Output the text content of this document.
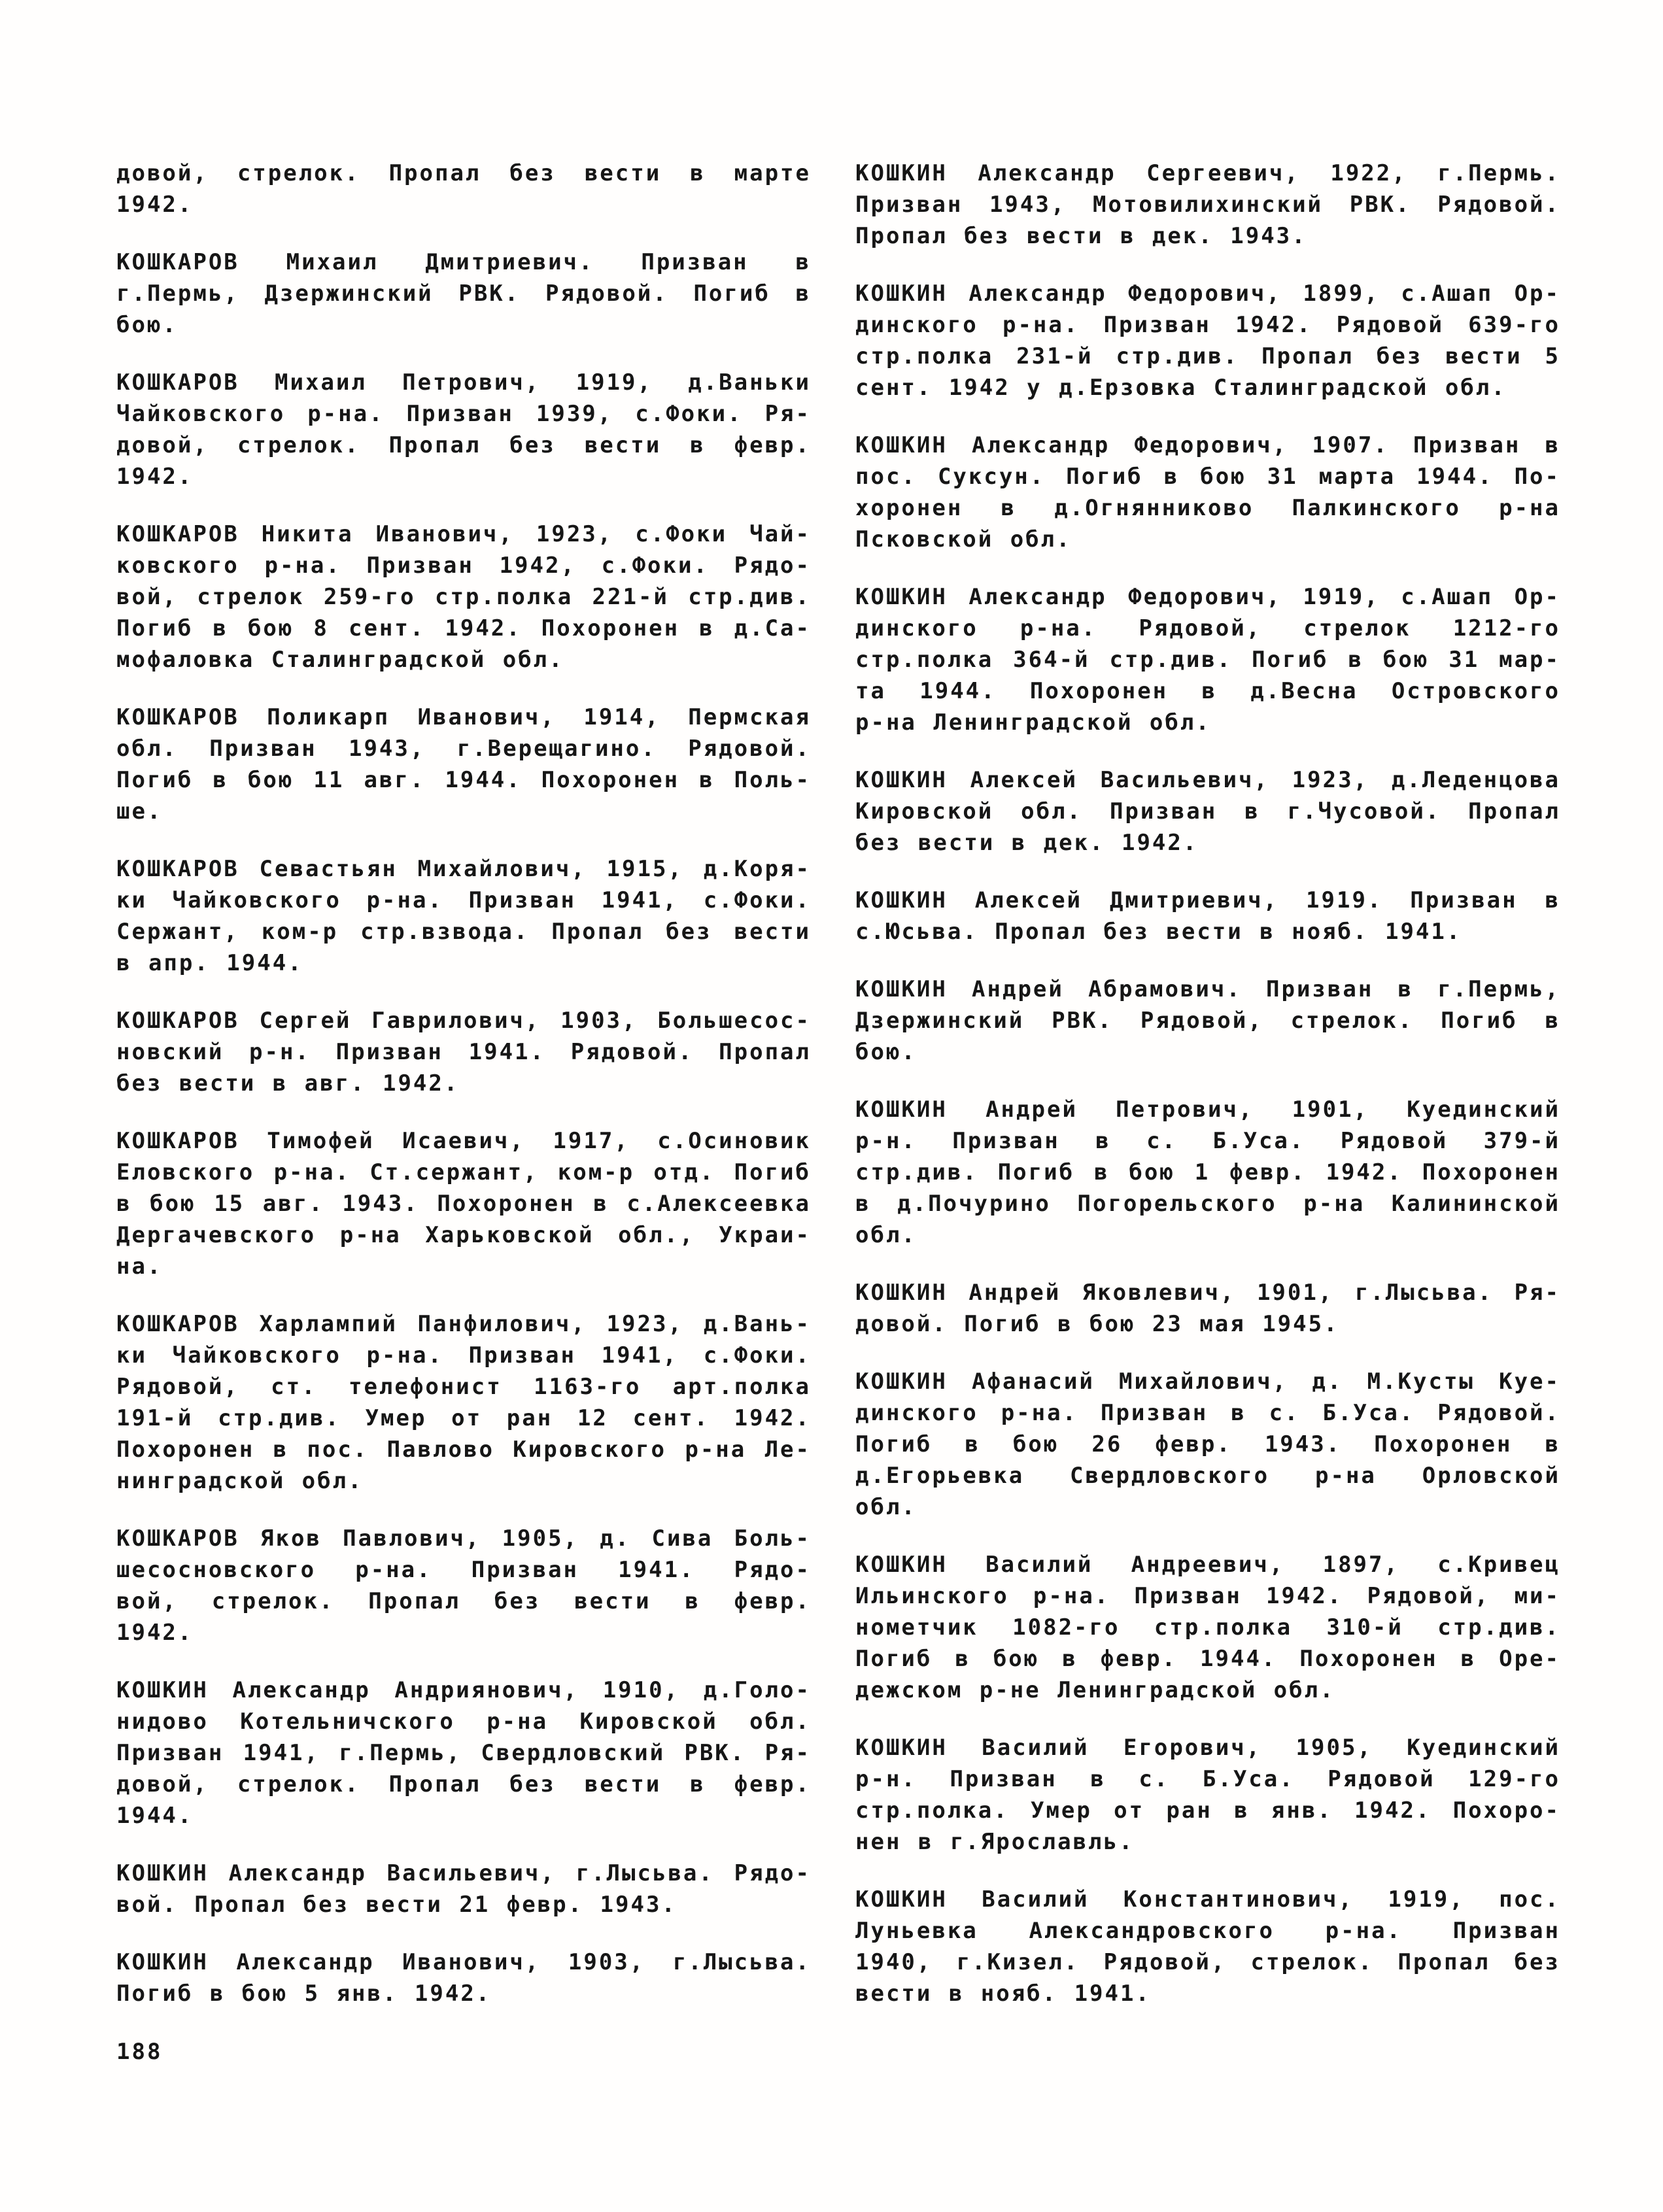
довой, стрелок. Пропал без вести в марте
1942.
КОШКАРОВ Михаил Дмитриевич. Призван в
г.Пермь, Дзержинский РВК. Рядовой. Погиб в
бою.
КОШКАРОВ Михаил Петрович, 1919, д.Ваньки
Чайковского р-на. Призван 1939, с.Фоки. Ря-
довой, стрелок. Пропал без вести в февр.
1942.
КОШКАРОВ Никита Иванович, 1923, с.Фоки Чай-
ковского р-на. Призван 1942, с.Фоки. Рядо-
вой, стрелок 259-го стр.полка 221-й стр.див.
Погиб в бою 8 сент. 1942. Похоронен в д.Са-
мофаловка Сталинградской обл.
КОШКАРОВ Поликарп Иванович, 1914, Пермская
обл. Призван 1943, г.Верещагино. Рядовой.
Погиб в бою 11 авг. 1944. Похоронен в Поль-
ше.
КОШКАРОВ Севастьян Михайлович, 1915, д.Коря-
ки Чайковского р-на. Призван 1941, с.Фоки.
Сержант, ком-р стр.взвода. Пропал без вести
в апр. 1944.
КОШКАРОВ Сергей Гаврилович, 1903, Большесос-
новский р-н. Призван 1941. Рядовой. Пропал
без вести в авг. 1942.
КОШКАРОВ Тимофей Исаевич, 1917, с.Осиновик
Еловского р-на. Ст.сержант, ком-р отд. Погиб
в бою 15 авг. 1943. Похоронен в с.Алексеевка
Дергачевского р-на Харьковской обл., Украи-
на.
КОШКАРОВ Харлампий Панфилович, 1923, д.Вань-
ки Чайковского р-на. Призван 1941, с.Фоки.
Рядовой, ст. телефонист 1163-го арт.полка
191-й стр.див. Умер от ран 12 сент. 1942.
Похоронен в пос. Павлово Кировского р-на Ле-
нинградской обл.
КОШКАРОВ Яков Павлович, 1905, д. Сива Боль-
шесосновского р-на. Призван 1941. Рядо-
вой, стрелок. Пропал без вести в февр.
1942.
КОШКИН Александр Андриянович, 1910, д.Голо-
нидово Котельничского р-на Кировской обл.
Призван 1941, г.Пермь, Свердловский РВК. Ря-
довой, стрелок. Пропал без вести в февр.
1944.
КОШКИН Александр Васильевич, г.Лысьва. Рядо-
вой. Пропал без вести 21 февр. 1943.
КОШКИН Александр Иванович, 1903, г.Лысьва.
Погиб в бою 5 янв. 1942.
КОШКИН Александр Сергеевич, 1922, г.Пермь.
Призван 1943, Мотовилихинский РВК. Рядовой.
Пропал без вести в дек. 1943.
КОШКИН Александр Федорович, 1899, с.Ашап Ор-
динского р-на. Призван 1942. Рядовой 639-го
стр.полка 231-й стр.див. Пропал без вести 5
сент. 1942 у д.Ерзовка Сталинградской обл.
КОШКИН Александр Федорович, 1907. Призван в
пос. Суксун. Погиб в бою 31 марта 1944. По-
хоронен в д.Огнянниково Палкинского р-на
Псковской обл.
КОШКИН Александр Федорович, 1919, с.Ашап Ор-
динского р-на. Рядовой, стрелок 1212-го
стр.полка 364-й стр.див. Погиб в бою 31 мар-
та 1944. Похоронен в д.Весна Островского
р-на Ленинградской обл.
КОШКИН Алексей Васильевич, 1923, д.Леденцова
Кировской обл. Призван в г.Чусовой. Пропал
без вести в дек. 1942.
КОШКИН Алексей Дмитриевич, 1919. Призван в
с.Юсьва. Пропал без вести в нояб. 1941.
КОШКИН Андрей Абрамович. Призван в г.Пермь,
Дзержинский РВК. Рядовой, стрелок. Погиб в
бою.
КОШКИН Андрей Петрович, 1901, Куединский
р-н. Призван в с. Б.Уса. Рядовой 379-й
стр.див. Погиб в бою 1 февр. 1942. Похоронен
в д.Почурино Погорельского р-на Калининской
обл.
КОШКИН Андрей Яковлевич, 1901, г.Лысьва. Ря-
довой. Погиб в бою 23 мая 1945.
КОШКИН Афанасий Михайлович, д. М.Кусты Куе-
динского р-на. Призван в с. Б.Уса. Рядовой.
Погиб в бою 26 февр. 1943. Похоронен в
д.Егорьевка Свердловского р-на Орловской
обл.
КОШКИН Василий Андреевич, 1897, с.Кривец
Ильинского р-на. Призван 1942. Рядовой, ми-
нометчик 1082-го стр.полка 310-й стр.див.
Погиб в бою в февр. 1944. Похоронен в Оре-
дежском р-не Ленинградской обл.
КОШКИН Василий Егорович, 1905, Куединский
р-н. Призван в с. Б.Уса. Рядовой 129-го
стр.полка. Умер от ран в янв. 1942. Похоро-
нен в г.Ярославль.
КОШКИН Василий Константинович, 1919, пос.
Луньевка Александровского р-на. Призван
1940, г.Кизел. Рядовой, стрелок. Пропал без
вести в нояб. 1941.
188
